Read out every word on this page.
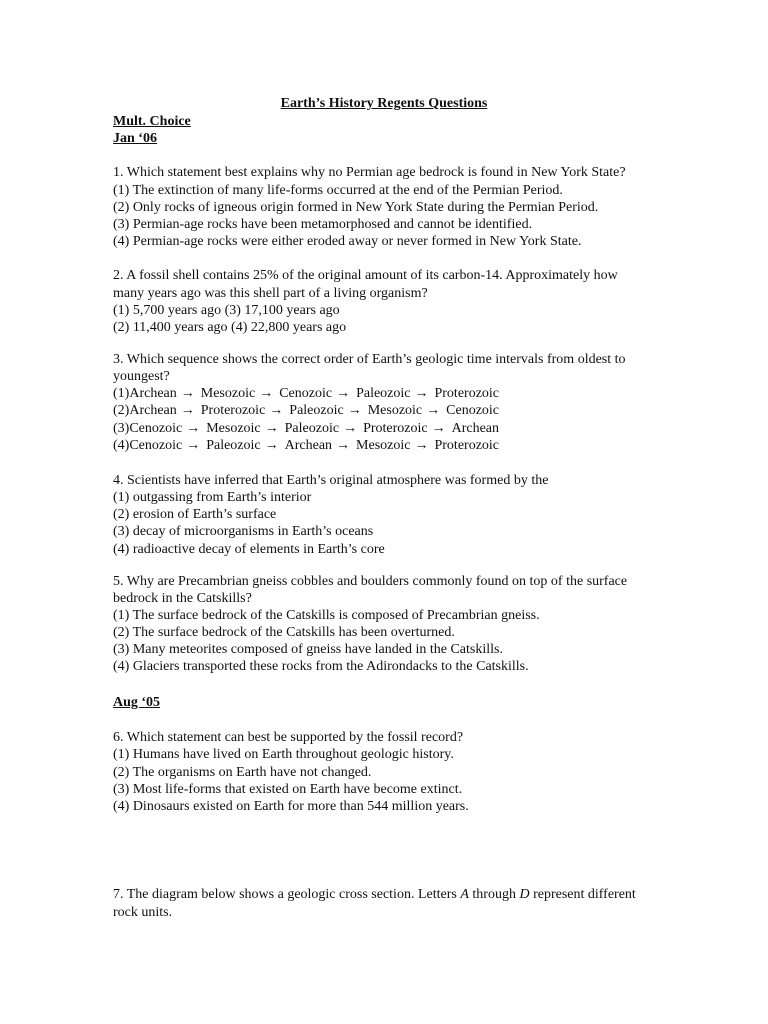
Earth’s History Regents Questions
Mult. Choice
Jan ‘06
1. Which statement best explains why no Permian age bedrock is found in New York State?
(1) The extinction of many life-forms occurred at the end of the Permian Period.
(2) Only rocks of igneous origin formed in New York State during the Permian Period.
(3) Permian-age rocks have been metamorphosed and cannot be identified.
(4) Permian-age rocks were either eroded away or never formed in New York State.
2. A fossil shell contains 25% of the original amount of its carbon-14. Approximately how
many years ago was this shell part of a living organism?
(1) 5,700 years ago (3) 17,100 years ago
(2) 11,400 years ago (4) 22,800 years ago
3. Which sequence shows the correct order of Earth’s geologic time intervals from oldest to
youngest?
(1)Archean→ Mesozoic→ Cenozoic→ Paleozoic→ Proterozoic
(2)Archean→ Proterozoic→ Paleozoic→ Mesozoic→ Cenozoic
(3)Cenozoic→ Mesozoic→ Paleozoic→ Proterozoic→ Archean
(4)Cenozoic→ Paleozoic→ Archean→ Mesozoic→ Proterozoic
4. Scientists have inferred that Earth’s original atmosphere was formed by the
(1) outgassing from Earth’s interior
(2) erosion of Earth’s surface
(3) decay of microorganisms in Earth’s oceans
(4) radioactive decay of elements in Earth’s core
5. Why are Precambrian gneiss cobbles and boulders commonly found on top of the surface
bedrock in the Catskills?
(1) The surface bedrock of the Catskills is composed of Precambrian gneiss.
(2) The surface bedrock of the Catskills has been overturned.
(3) Many meteorites composed of gneiss have landed in the Catskills.
(4) Glaciers transported these rocks from the Adirondacks to the Catskills.
Aug ‘05
6. Which statement can best be supported by the fossil record?
(1) Humans have lived on Earth throughout geologic history.
(2) The organisms on Earth have not changed.
(3) Most life-forms that existed on Earth have become extinct.
(4) Dinosaurs existed on Earth for more than 544 million years.
7. The diagram below shows a geologic cross section. Letters A through D represent different
rock units.
